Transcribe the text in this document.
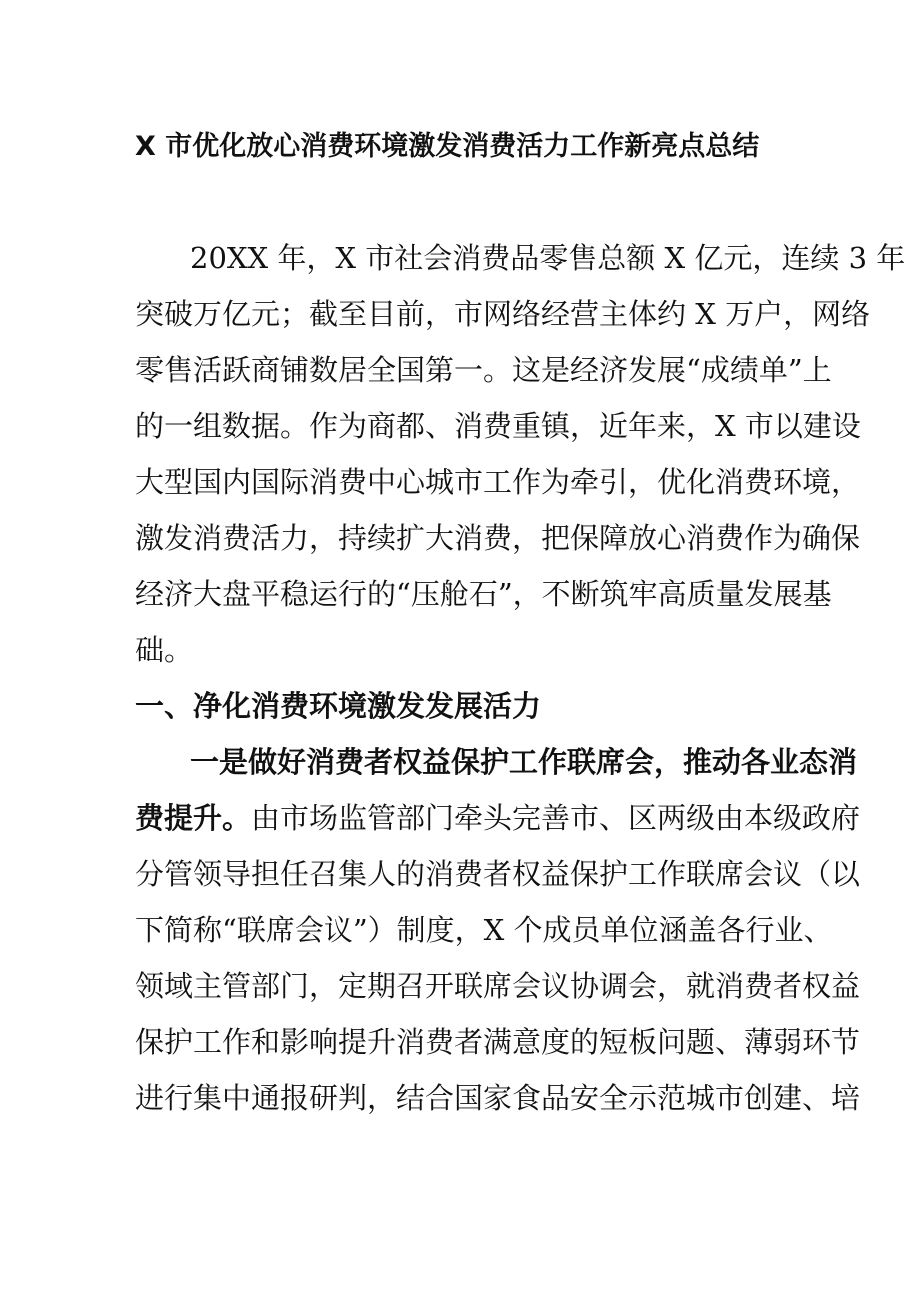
X 市优化放心消费环境激发消费活力工作新亮点总结
20XX 年，X 市社会消费品零售总额 X 亿元，连续 3 年
突破万亿元；截至目前，市网络经营主体约 X 万户，网络
零售活跃商铺数居全国第一。这是经济发展“成绩单”上
的一组数据。作为商都、消费重镇，近年来，X 市以建设
大型国内国际消费中心城市工作为牵引，优化消费环境，
激发消费活力，持续扩大消费，把保障放心消费作为确保
经济大盘平稳运行的“压舱石”，不断筑牢高质量发展基
础。
一、净化消费环境激发发展活力
一是做好消费者权益保护工作联席会，推动各业态消
费提升。由市场监管部门牵头完善市、区两级由本级政府
分管领导担任召集人的消费者权益保护工作联席会议（以
下简称“联席会议”）制度，X 个成员单位涵盖各行业、
领域主管部门，定期召开联席会议协调会，就消费者权益
保护工作和影响提升消费者满意度的短板问题、薄弱环节
进行集中通报研判，结合国家食品安全示范城市创建、培
